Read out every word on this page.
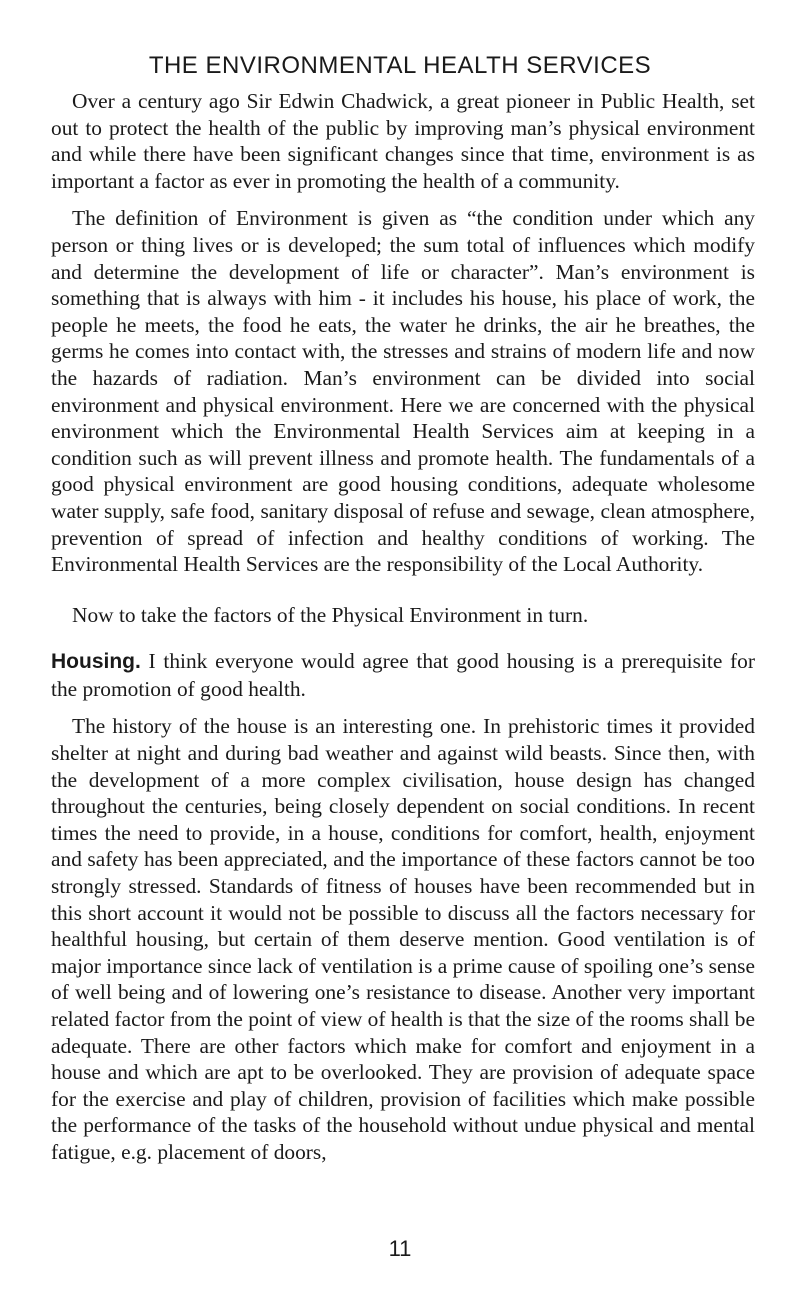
THE ENVIRONMENTAL HEALTH SERVICES

Over a century ago Sir Edwin Chadwick, a great pioneer in Public Health, set out to protect the health of the public by improving man’s physical environment and while there have been significant changes since that time, environment is as important a factor as ever in promoting the health of a community.

The definition of Environment is given as “the condition under which any person or thing lives or is developed; the sum total of influences which modify and determine the development of life or character”. Man’s environment is something that is always with him - it includes his house, his place of work, the people he meets, the food he eats, the water he drinks, the air he breathes, the germs he comes into contact with, the stresses and strains of modern life and now the hazards of radiation. Man’s environment can be divided into social environment and physical environment. Here we are concerned with the physical environment which the Environmental Health Services aim at keeping in a condition such as will prevent illness and promote health. The fundamentals of a good physical environment are good housing conditions, adequate wholesome water supply, safe food, sanitary disposal of refuse and sewage, clean atmosphere, prevention of spread of infection and healthy conditions of working. The Environmental Health Services are the responsibility of the Local Authority.

Now to take the factors of the Physical Environment in turn.

Housing. I think everyone would agree that good housing is a prerequisite for the promotion of good health.

The history of the house is an interesting one. In prehistoric times it provided shelter at night and during bad weather and against wild beasts. Since then, with the development of a more complex civilisation, house design has changed throughout the centuries, being closely dependent on social conditions. In recent times the need to provide, in a house, conditions for comfort, health, enjoyment and safety has been appreciated, and the importance of these factors cannot be too strongly stressed. Standards of fitness of houses have been recommended but in this short account it would not be possible to discuss all the factors necessary for healthful housing, but certain of them deserve mention. Good ventilation is of major importance since lack of ventilation is a prime cause of spoiling one’s sense of well being and of lowering one’s resistance to disease. Another very important related factor from the point of view of health is that the size of the rooms shall be adequate. There are other factors which make for comfort and enjoyment in a house and which are apt to be overlooked. They are provision of adequate space for the exercise and play of children, provision of facilities which make possible the performance of the tasks of the household without undue physical and mental fatigue, e.g. placement of doors,

11
